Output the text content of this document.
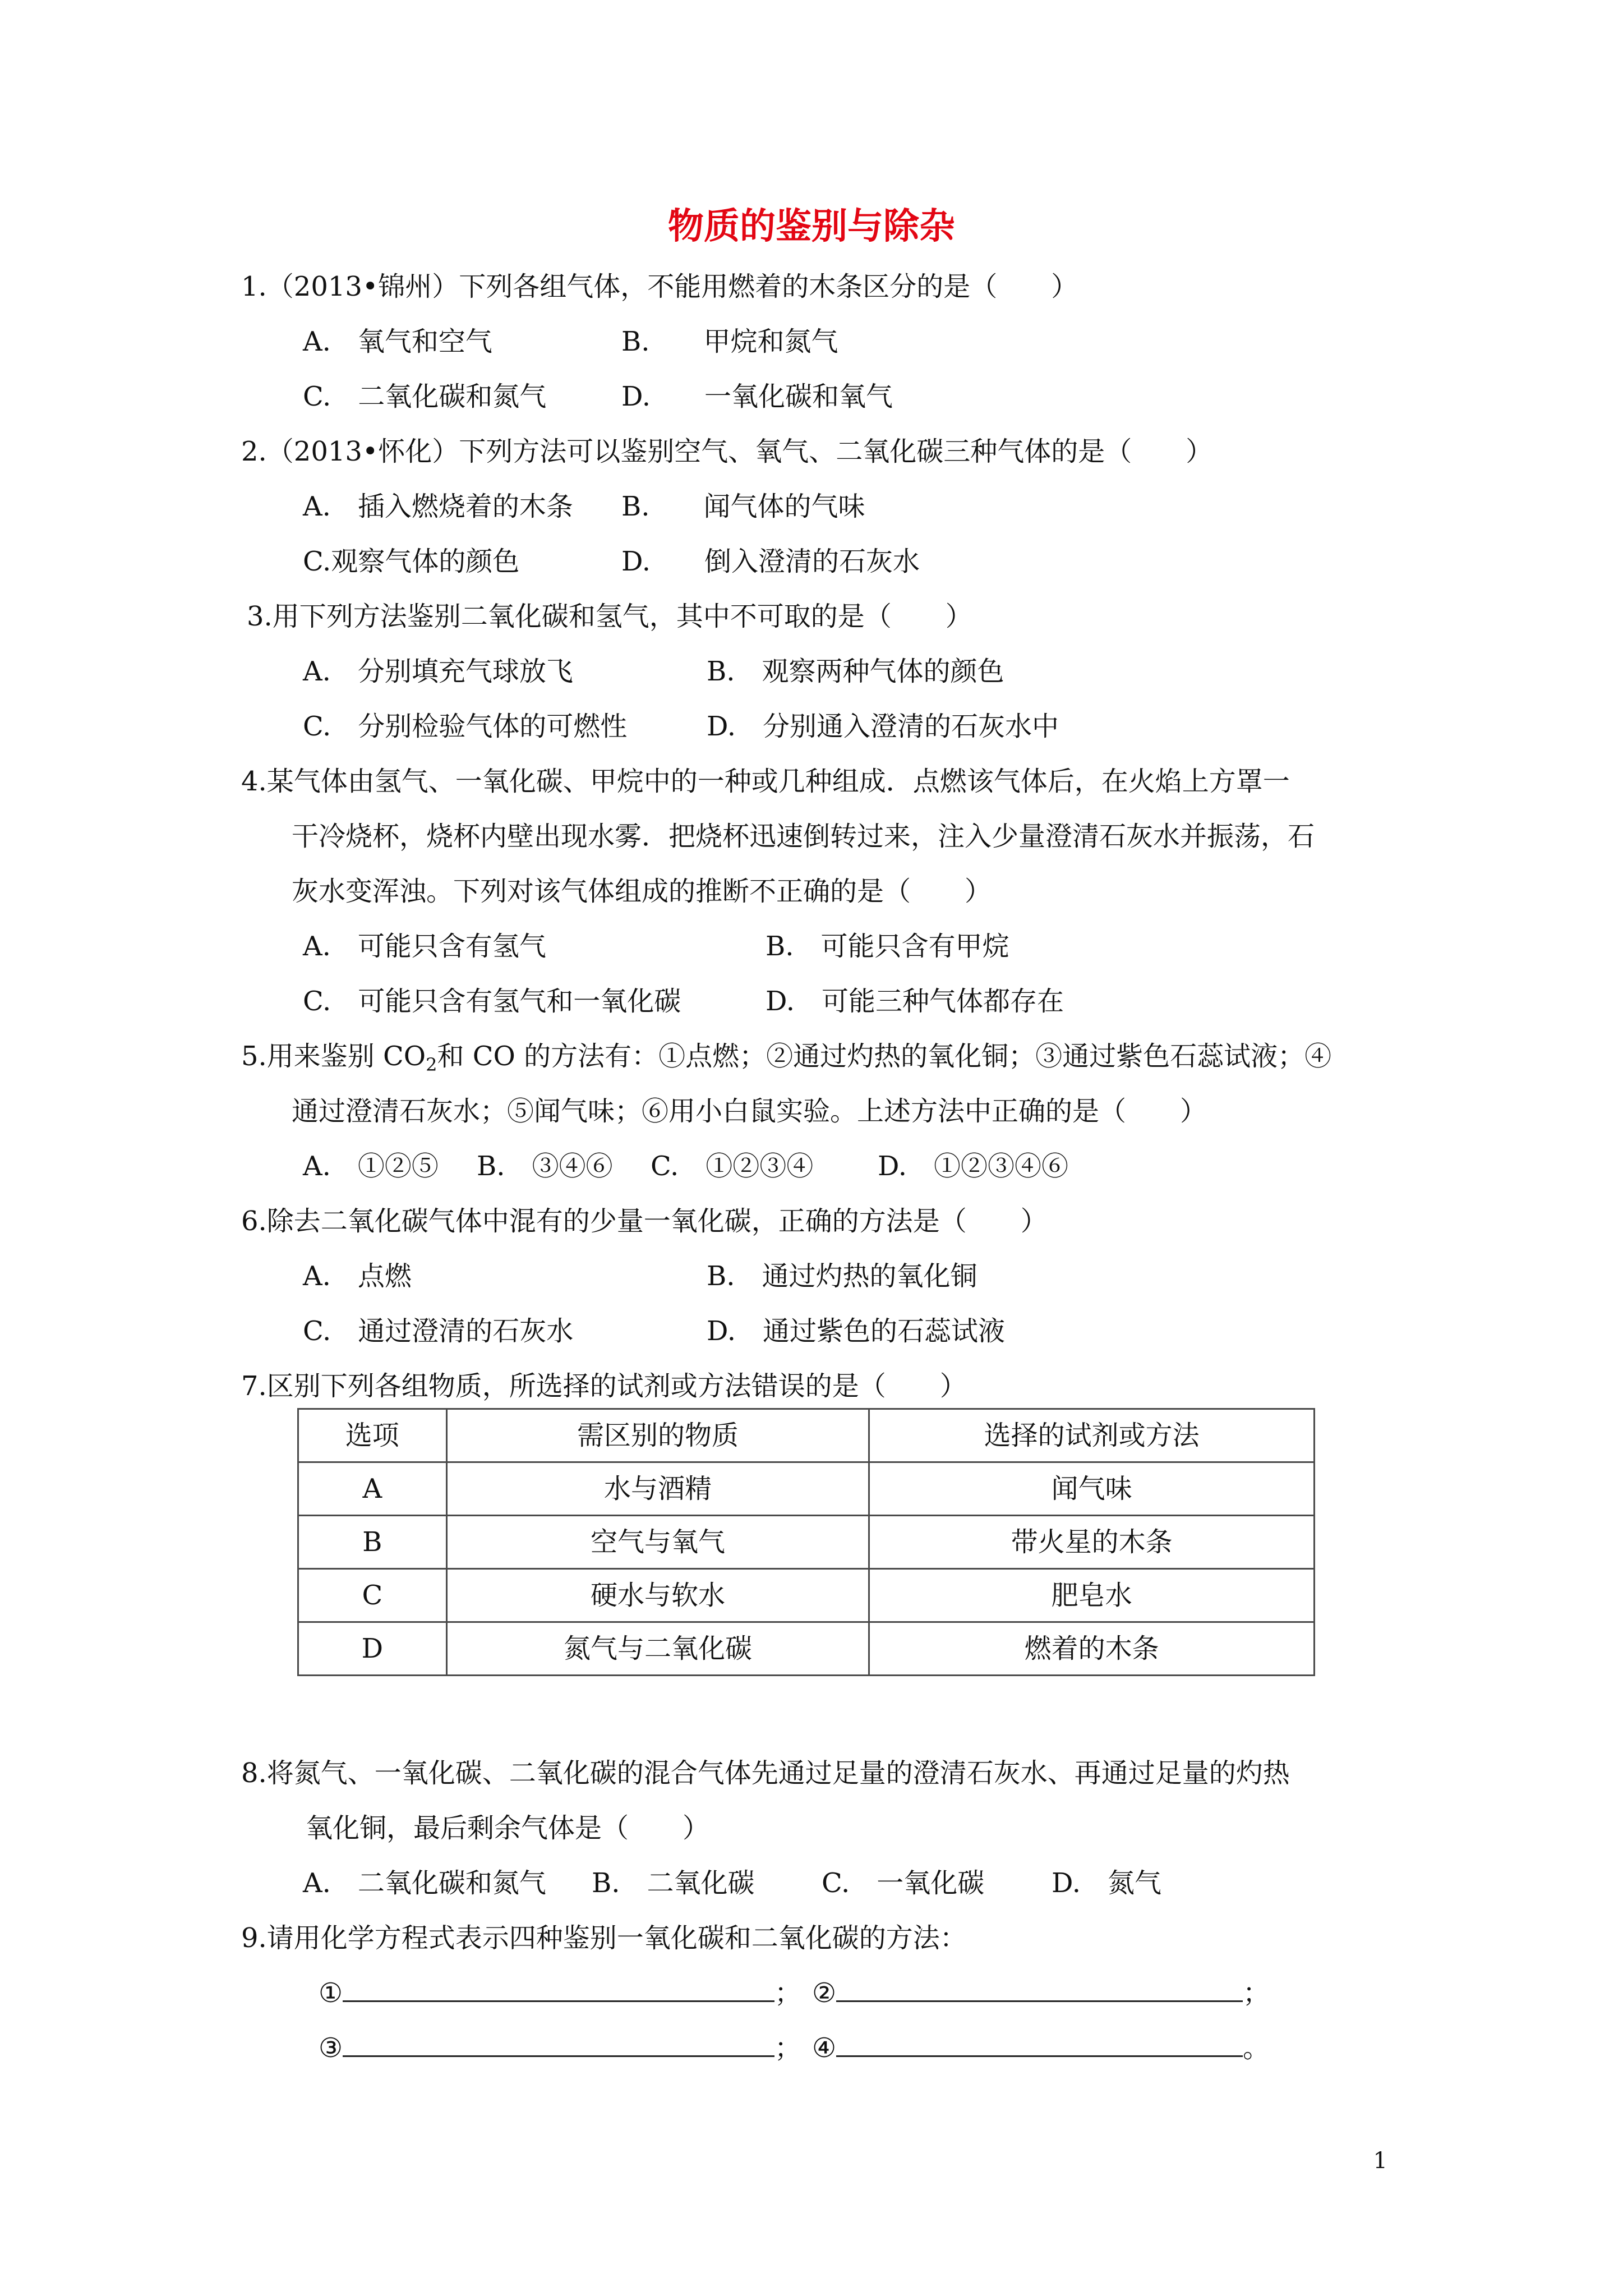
物质的鉴别与除杂
1.（2013•锦州）下列各组气体，不能用燃着的木条区分的是（　　）
A.　氧气和空气	B.　　甲烷和氮气
C.　二氧化碳和氮气	D.　　一氧化碳和氧气
2.（2013•怀化）下列方法可以鉴别空气、氧气、二氧化碳三种气体的是（　　）
A.　插入燃烧着的木条 B.　　闻气体的气味
C.观察气体的颜色	D.　　倒入澄清的石灰水
3.用下列方法鉴别二氧化碳和氢气，其中不可取的是（　　）
A.　分别填充气球放飞	B.　观察两种气体的颜色
C.　分别检验气体的可燃性	D.　分别通入澄清的石灰水中
4.某气体由氢气、一氧化碳、甲烷中的一种或几种组成．点燃该气体后，在火焰上方罩一
干冷烧杯，烧杯内壁出现水雾．把烧杯迅速倒转过来，注入少量澄清石灰水并振荡，石
灰水变浑浊。下列对该气体组成的推断不正确的是（　　）
A.　可能只含有氢气	B.　可能只含有甲烷
C.　可能只含有氢气和一氧化碳	D.　可能三种气体都存在
5.用来鉴别 $CO_2$和 CO 的方法有：①点燃；②通过灼热的氧化铜；③通过紫色石蕊试液；④
通过澄清石灰水；⑤闻气味；⑥用小白鼠实验。上述方法中正确的是（　　）
A.　①②⑤ B.　③④⑥ C.　①②③④ D.　①②③④⑥
6.除去二氧化碳气体中混有的少量一氧化碳，正确的方法是（　　）
A.　点燃	B.　通过灼热的氧化铜
C.　通过澄清的石灰水	D.　通过紫色的石蕊试液
7.区别下列各组物质，所选择的试剂或方法错误的是（　　）
选项	需区别的物质	选择的试剂或方法
A	水与酒精	闻气味
B	空气与氧气	带火星的木条
C	硬水与软水	肥皂水
D	氮气与二氧化碳	燃着的木条
8.将氮气、一氧化碳、二氧化碳的混合气体先通过足量的澄清石灰水、再通过足量的灼热
氧化铜，最后剩余气体是（　　）
A.　二氧化碳和氮气 B.　二氧化碳 C.　一氧化碳 D.　氮气
9.请用化学方程式表示四种鉴别一氧化碳和二氧化碳的方法：
①	； ②	；
③	； ④	。
1
